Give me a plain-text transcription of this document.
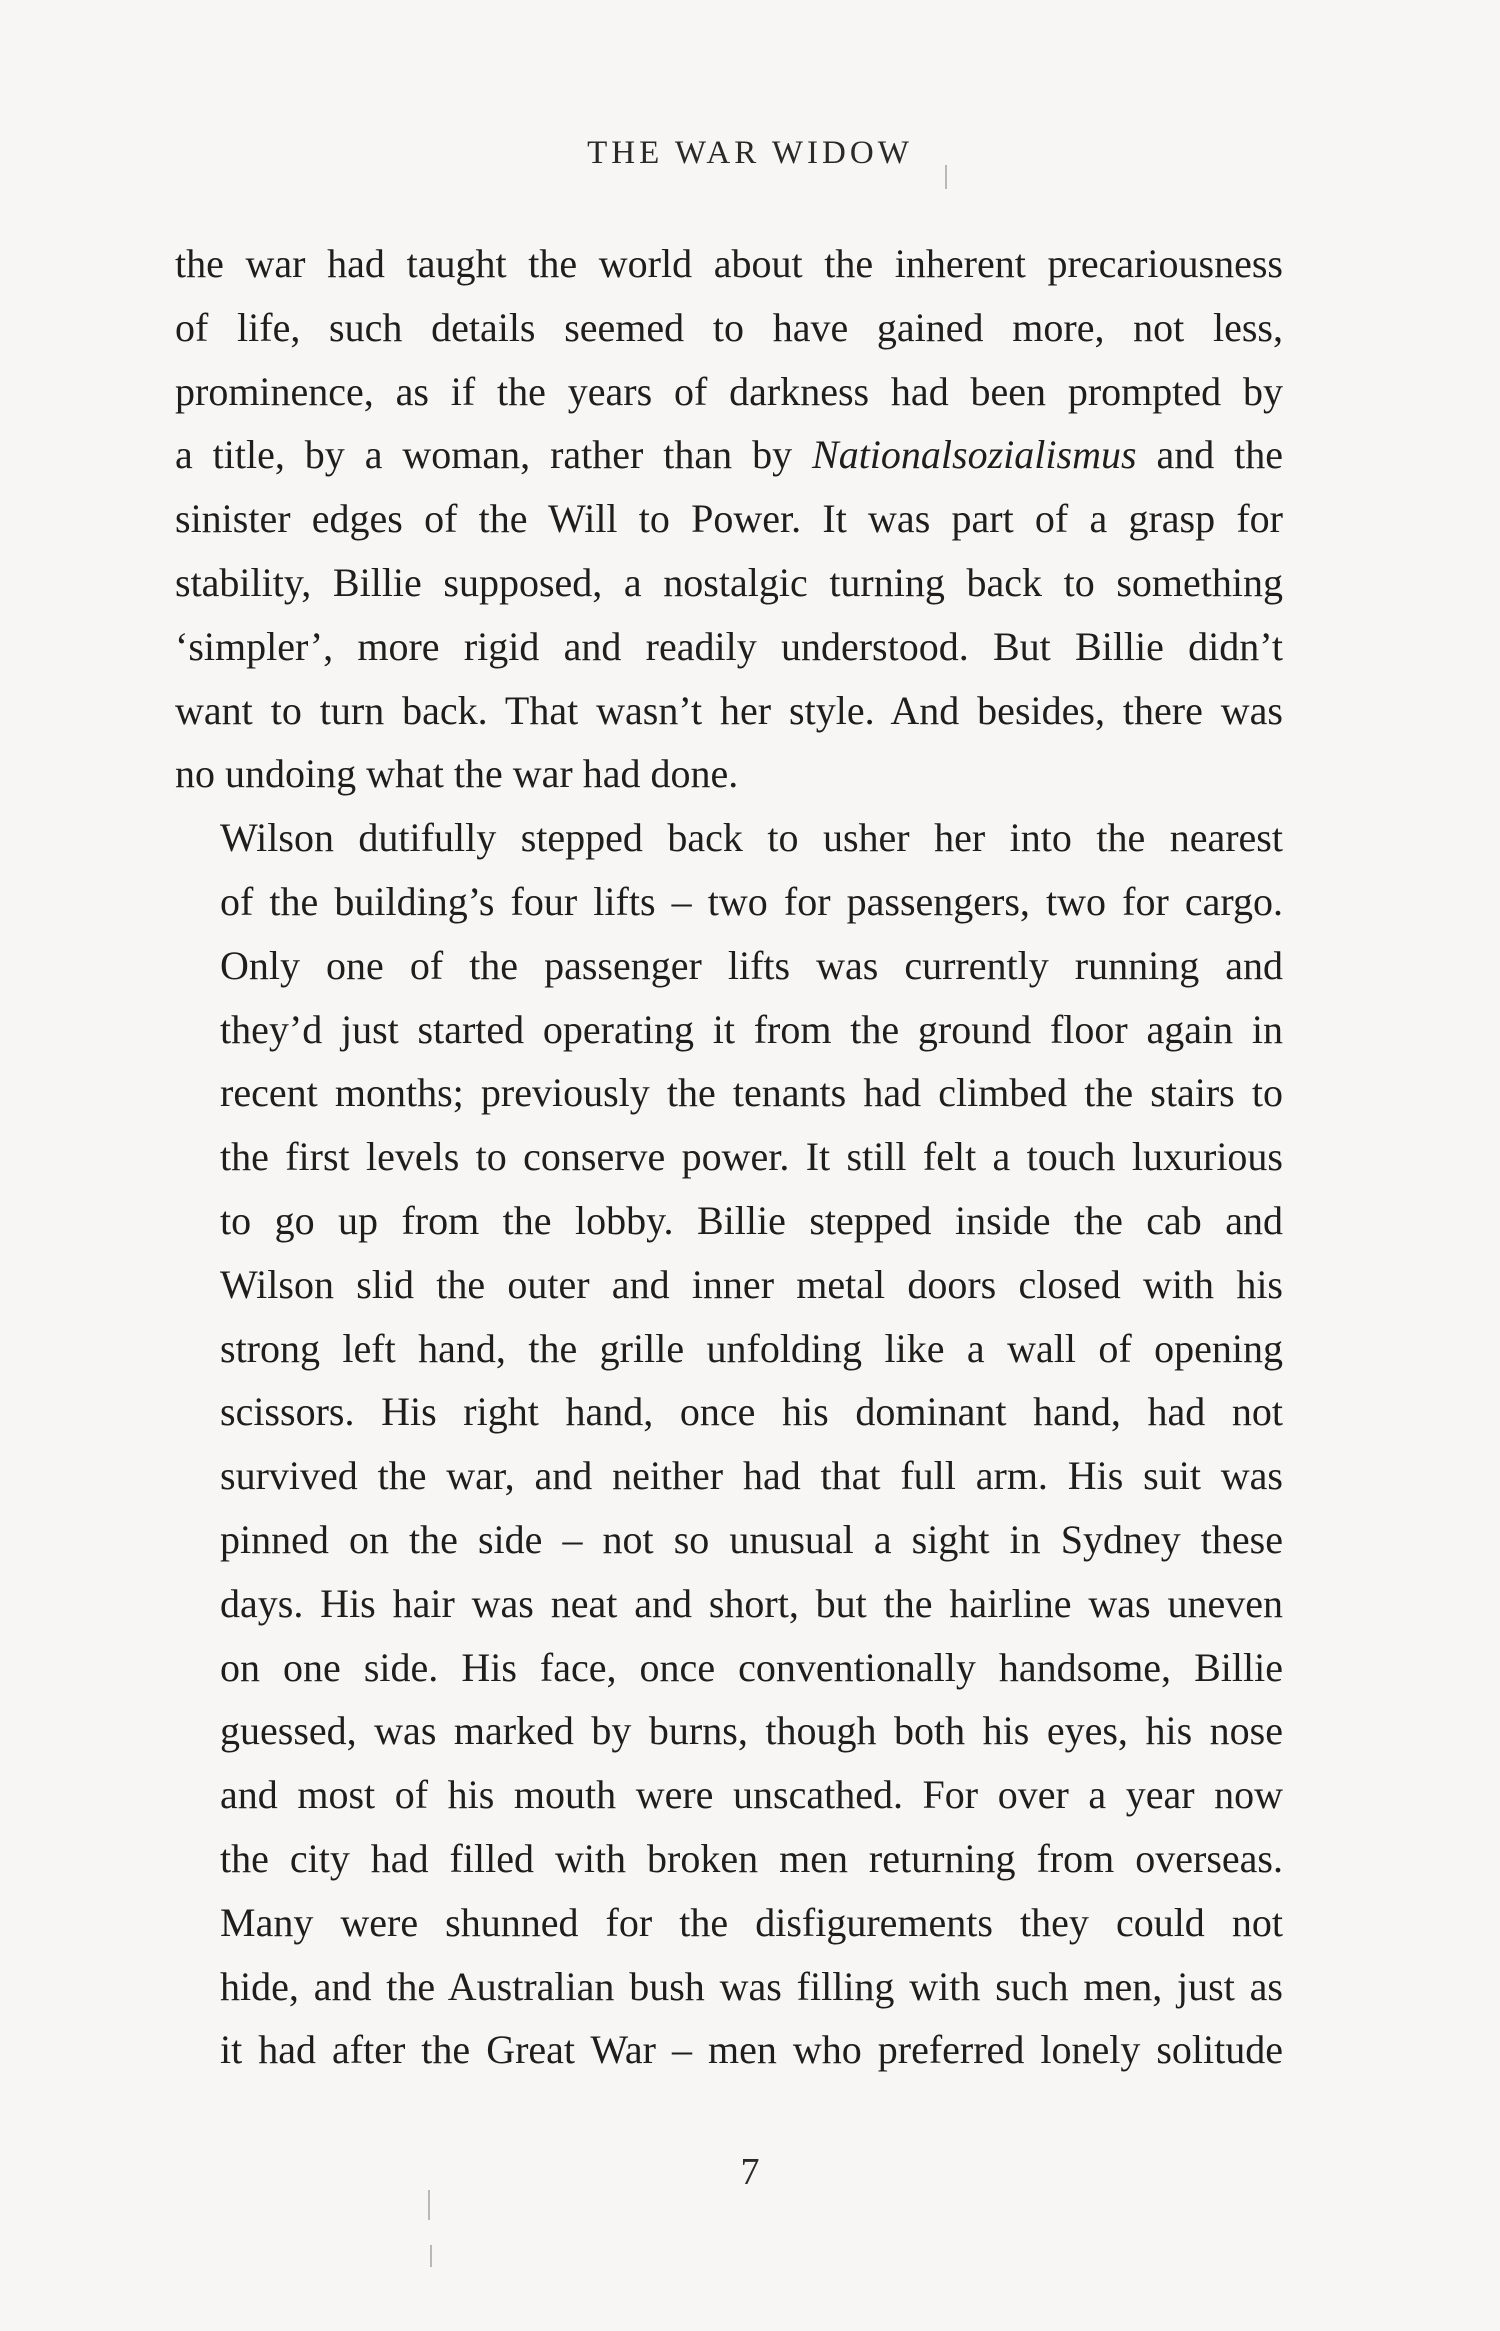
THE WAR WIDOW
the war had taught the world about the inherent precariousness
of life, such details seemed to have gained more, not less,
prominence, as if the years of darkness had been prompted by
a title, by a woman, rather than by Nationalsozialismus and the
sinister edges of the Will to Power. It was part of a grasp for
stability, Billie supposed, a nostalgic turning back to something
‘simpler’, more rigid and readily understood. But Billie didn’t
want to turn back. That wasn’t her style. And besides, there was
no undoing what the war had done.
Wilson dutifully stepped back to usher her into the nearest
of the building’s four lifts – two for passengers, two for cargo.
Only one of the passenger lifts was currently running and
they’d just started operating it from the ground floor again in
recent months; previously the tenants had climbed the stairs to
the first levels to conserve power. It still felt a touch luxurious
to go up from the lobby. Billie stepped inside the cab and
Wilson slid the outer and inner metal doors closed with his
strong left hand, the grille unfolding like a wall of opening
scissors. His right hand, once his dominant hand, had not
survived the war, and neither had that full arm. His suit was
pinned on the side – not so unusual a sight in Sydney these
days. His hair was neat and short, but the hairline was uneven
on one side. His face, once conventionally handsome, Billie
guessed, was marked by burns, though both his eyes, his nose
and most of his mouth were unscathed. For over a year now
the city had filled with broken men returning from overseas.
Many were shunned for the disfigurements they could not
hide, and the Australian bush was filling with such men, just as
it had after the Great War – men who preferred lonely solitude
7
